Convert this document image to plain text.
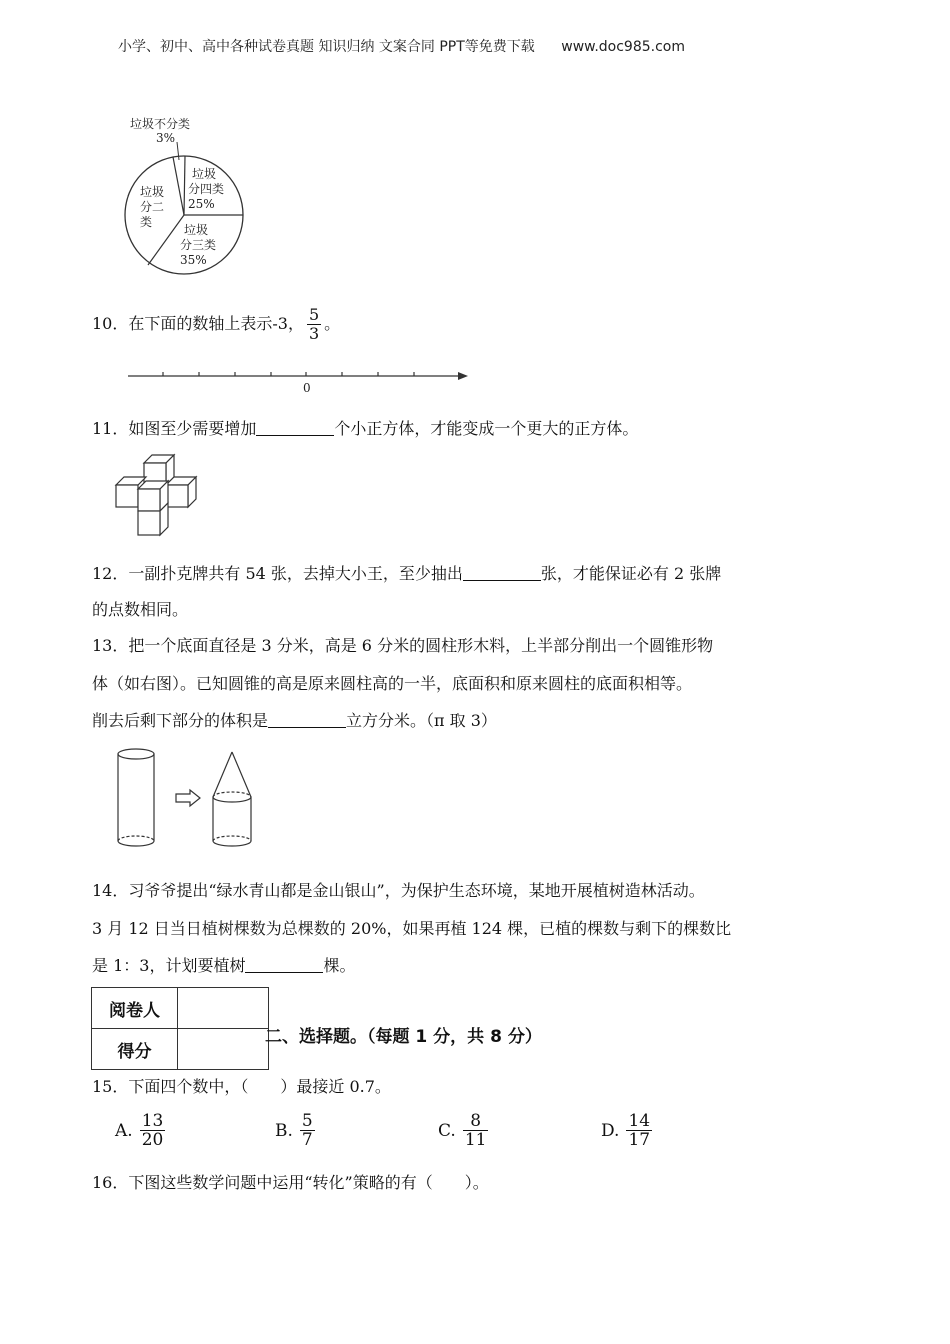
小学、初中、高中各种试卷真题 知识归纳 文案合同 PPT等免费下载 www.doc985.com
垃圾不分类
3%
垃圾
分四类
25%
垃圾
分二
类
垃圾
分三类
35%
10．在下面的数轴上表示-3， $\frac{5}{3}$ 。
0
11．如图至少需要增加	个小正方体，才能变成一个更大的正方体。
12．一副扑克牌共有 54 张，去掉大小王，至少抽出	张，才能保证必有 2 张牌
的点数相同。
13．把一个底面直径是 3 分米，高是 6 分米的圆柱形木料，上半部分削出一个圆锥形物
体（如右图）。已知圆锥的高是原来圆柱高的一半，底面积和原来圆柱的底面积相等。
削去后剩下部分的体积是	立方分米。（π 取 3）
14．习爷爷提出“绿水青山都是金山银山”，为保护生态环境，某地开展植树造林活动。
3 月 12 日当日植树棵数为总棵数的 20%，如果再植 124 棵，已植的棵数与剩下的棵数比
是 1：3，计划要植树	棵。
阅卷人	
得分	
二、选择题。（每题 1 分，共 8 分）
15．下面四个数中，（　　）最接近 0.7。
A. $\frac{13}{20}$	B. $\frac{5}{7}$	C. $\frac{8}{11}$	D. $\frac{14}{17}$
16．下图这些数学问题中运用“转化”策略的有（　　）。
